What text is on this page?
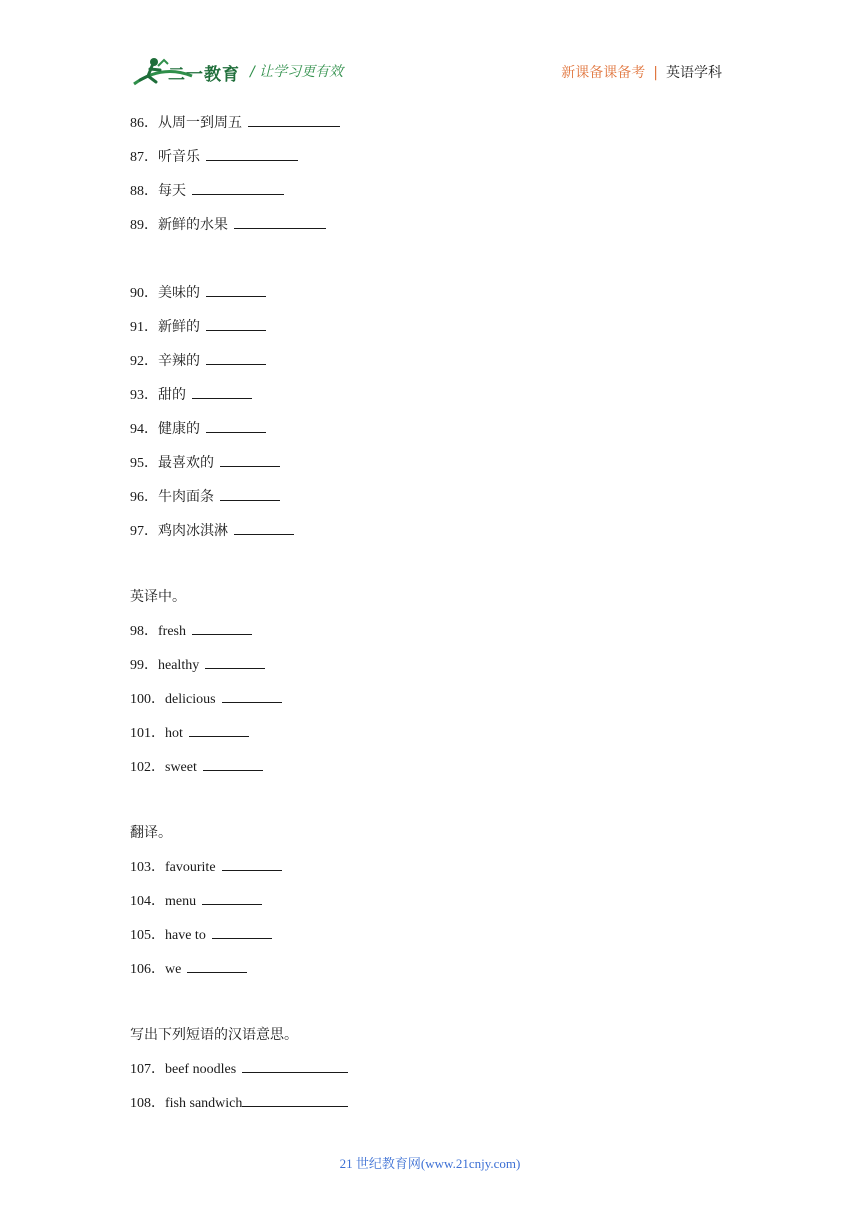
二一教育 / 让学习更有效	新课备课备考 | 英语学科
86．从周一到周五
87．听音乐
88．每天
89．新鲜的水果
90．美味的
91．新鲜的
92．辛辣的
93．甜的
94．健康的
95．最喜欢的
96．牛肉面条
97．鸡肉冰淇淋
英译中。
98．fresh
99．healthy
100．delicious
101．hot
102．sweet
翻译。
103．favourite
104．menu
105．have to
106．we
写出下列短语的汉语意思。
107．beef noodles
108．fish sandwich
21 世纪教育网(www.21cnjy.com)
